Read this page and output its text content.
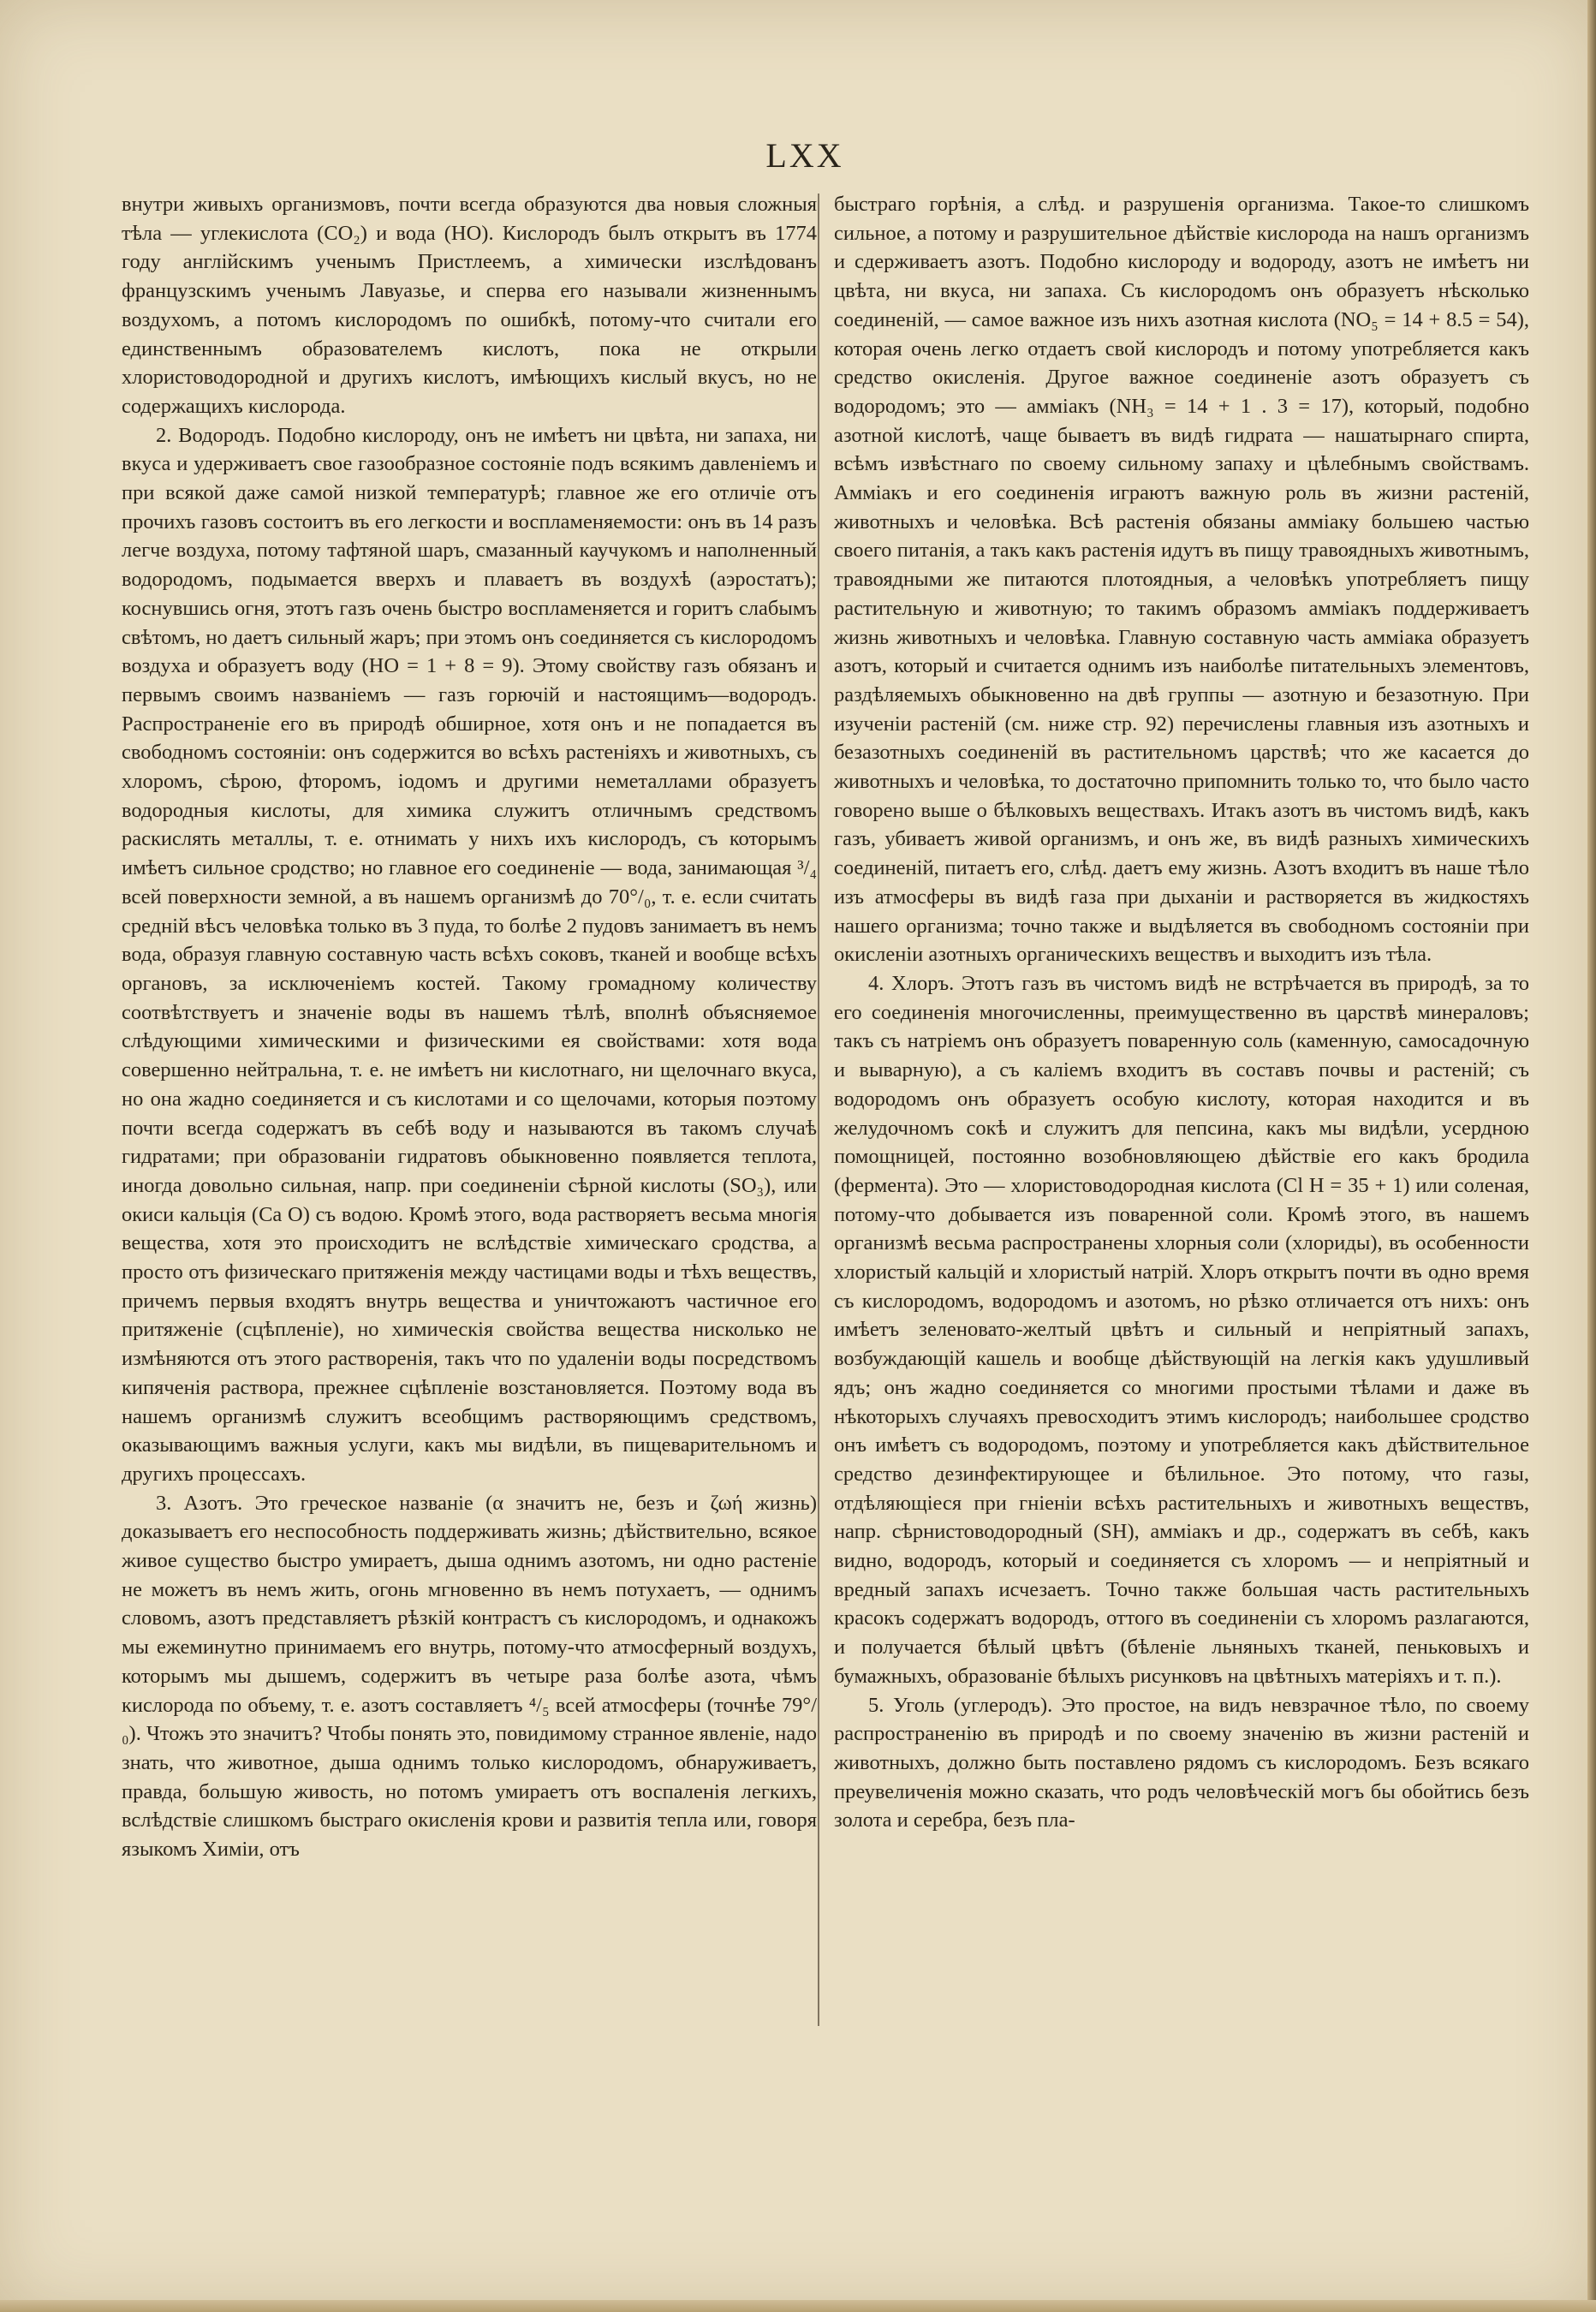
LXX

внутри живыхъ организмовъ, почти всегда образуются два новыя сложныя тѣла — углекислота (CO₂) и вода (HO). Кислородъ былъ открытъ въ 1774 году англійскимъ ученымъ Пристлеемъ, а химически изслѣдованъ французскимъ ученымъ Лавуазье, и сперва его называли жизненнымъ воздухомъ, а потомъ кислородомъ по ошибкѣ, потому-что считали его единственнымъ образователемъ кислотъ, пока не открыли хлористоводородной и другихъ кислотъ, имѣющихъ кислый вкусъ, но не содержащихъ кислорода.

2. Водородъ. Подобно кислороду, онъ не имѣетъ ни цвѣта, ни запаха, ни вкуса и удерживаетъ свое газообразное состояніе подъ всякимъ давленіемъ и при всякой даже самой низкой температурѣ; главное же его отличіе отъ прочихъ газовъ состоитъ въ его легкости и воспламеняемости: онъ въ 14 разъ легче воздуха, потому тафтяной шаръ, смазанный каучукомъ и наполненный водородомъ, подымается вверхъ и плаваетъ въ воздухѣ (аэростатъ); коснувшись огня, этотъ газъ очень быстро воспламеняется и горитъ слабымъ свѣтомъ, но даетъ сильный жаръ; при этомъ онъ соединяется съ кислородомъ воздуха и образуетъ воду (HO = 1 + 8 = 9). Этому свойству газъ обязанъ и первымъ своимъ названіемъ — газъ горючій и настоящимъ—водородъ. Распространеніе его въ природѣ обширное, хотя онъ и не попадается въ свободномъ состояніи: онъ содержится во всѣхъ растеніяхъ и животныхъ, съ хлоромъ, сѣрою, фторомъ, іодомъ и другими неметаллами образуетъ водородныя кислоты, для химика служитъ отличнымъ средствомъ раскислять металлы, т. е. отнимать у нихъ ихъ кислородъ, съ которымъ имѣетъ сильное сродство; но главное его соединеніе — вода, занимающая ³/₄ всей поверхности земной, а въ нашемъ организмѣ до 70°/₀, т. е. если считать средній вѣсъ человѣка только въ 3 пуда, то болѣе 2 пудовъ занимаетъ въ немъ вода, образуя главную составную часть всѣхъ соковъ, тканей и вообще всѣхъ органовъ, за исключеніемъ костей. Такому громадному количеству соотвѣтствуетъ и значеніе воды въ нашемъ тѣлѣ, вполнѣ объясняемое слѣдующими химическими и физическими ея свойствами: хотя вода совершенно нейтральна, т. е. не имѣетъ ни кислотнаго, ни щелочнаго вкуса, но она жадно соединяется и съ кислотами и со щелочами, которыя поэтому почти всегда содержатъ въ себѣ воду и называются въ такомъ случаѣ гидратами; при образованіи гидратовъ обыкновенно появляется теплота, иногда довольно сильная, напр. при соединеніи сѣрной кислоты (SO₃), или окиси кальція (Ca O) съ водою. Кромѣ этого, вода растворяетъ весьма многія вещества, хотя это происходитъ не вслѣдствіе химическаго сродства, а просто отъ физическаго притяженія между частицами воды и тѣхъ веществъ, причемъ первыя входятъ внутрь вещества и уничтожаютъ частичное его притяженіе (сцѣпленіе), но химическія свойства вещества нисколько не измѣняются отъ этого растворенія, такъ что по удаленіи воды посредствомъ кипяченія раствора, прежнее сцѣпленіе возстановляется. Поэтому вода въ нашемъ организмѣ служитъ всеобщимъ растворяющимъ средствомъ, оказывающимъ важныя услуги, какъ мы видѣли, въ пищеварительномъ и другихъ процессахъ.

3. Азотъ. Это греческое названіе (α значитъ не, безъ и ζωή жизнь) доказываетъ его неспособность поддерживать жизнь; дѣйствительно, всякое живое существо быстро умираетъ, дыша однимъ азотомъ, ни одно растеніе не можетъ въ немъ жить, огонь мгновенно въ немъ потухаетъ, — однимъ словомъ, азотъ представляетъ рѣзкій контрастъ съ кислородомъ, и однакожъ мы ежеминутно принимаемъ его внутрь, потому-что атмосферный воздухъ, которымъ мы дышемъ, содержитъ въ четыре раза болѣе азота, чѣмъ кислорода по объему, т. е. азотъ составляетъ ⁴/₅ всей атмосферы (точнѣе 79°/₀). Чтожъ это значитъ? Чтобы понять это, повидимому странное явленіе, надо знать, что животное, дыша однимъ только кислородомъ, обнаруживаетъ, правда, большую живость, но потомъ умираетъ отъ воспаленія легкихъ, вслѣдствіе слишкомъ быстраго окисленія крови и развитія тепла или, говоря языкомъ Химіи, отъ

быстраго горѣнія, а слѣд. и разрушенія организма. Такое-то слишкомъ сильное, а потому и разрушительное дѣйствіе кислорода на нашъ организмъ и сдерживаетъ азотъ. Подобно кислороду и водороду, азотъ не имѣетъ ни цвѣта, ни вкуса, ни запаха. Съ кислородомъ онъ образуетъ нѣсколько соединеній, — самое важное изъ нихъ азотная кислота (NO₅ = 14 + 8.5 = 54), которая очень легко отдаетъ свой кислородъ и потому употребляется какъ средство окисленія. Другое важное соединеніе азотъ образуетъ съ водородомъ; это — аммiакъ (NH₃ = 14 + 1 . 3 = 17), который, подобно азотной кислотѣ, чаще бываетъ въ видѣ гидрата — нашатырнаго спирта, всѣмъ извѣстнаго по своему сильному запаху и цѣлебнымъ свойствамъ. Аммiакъ и его соединенія играютъ важную роль въ жизни растеній, животныхъ и человѣка. Всѣ растенія обязаны аммiаку большею частью своего питанія, а такъ какъ растенія идутъ въ пищу травоядныхъ животнымъ, травоядными же питаются плотоядныя, а человѣкъ употребляетъ пищу растительную и животную; то такимъ образомъ аммiакъ поддерживаетъ жизнь животныхъ и человѣка. Главную составную часть аммiака образуетъ азотъ, который и считается однимъ изъ наиболѣе питательныхъ элементовъ, раздѣляемыхъ обыкновенно на двѣ группы — азотную и безазотную. При изученіи растеній (см. ниже стр. 92) перечислены главныя изъ азотныхъ и безазотныхъ соединеній въ растительномъ царствѣ; что же касается до животныхъ и человѣка, то достаточно припомнить только то, что было часто говорено выше о бѣлковыхъ веществахъ. Итакъ азотъ въ чистомъ видѣ, какъ газъ, убиваетъ живой организмъ, и онъ же, въ видѣ разныхъ химическихъ соединеній, питаетъ его, слѣд. даетъ ему жизнь. Азотъ входитъ въ наше тѣло изъ атмосферы въ видѣ газа при дыханіи и растворяется въ жидкостяхъ нашего организма; точно также и выдѣляется въ свободномъ состояніи при окисленіи азотныхъ органическихъ веществъ и выходитъ изъ тѣла.

4. Хлоръ. Этотъ газъ въ чистомъ видѣ не встрѣчается въ природѣ, за то его соединенія многочисленны, преимущественно въ царствѣ минераловъ; такъ съ натріемъ онъ образуетъ поваренную соль (каменную, самосадочную и выварную), а съ каліемъ входитъ въ составъ почвы и растеній; съ водородомъ онъ образуетъ особую кислоту, которая находится и въ желудочномъ сокѣ и служитъ для пепсина, какъ мы видѣли, усердною помощницей, постоянно возобновляющею дѣйствіе его какъ бродила (фермента). Это — хлористоводородная кислота (Cl H = 35 + 1) или соленая, потому-что добывается изъ поваренной соли. Кромѣ этого, въ нашемъ организмѣ весьма распространены хлорныя соли (хлориды), въ особенности хлористый кальцій и хлористый натрій. Хлоръ открытъ почти въ одно время съ кислородомъ, водородомъ и азотомъ, но рѣзко отличается отъ нихъ: онъ имѣетъ зеленовато-желтый цвѣтъ и сильный и непріятный запахъ, возбуждающій кашель и вообще дѣйствующій на легкія какъ удушливый ядъ; онъ жадно соединяется со многими простыми тѣлами и даже въ нѣкоторыхъ случаяхъ превосходитъ этимъ кислородъ; наибольшее сродство онъ имѣетъ съ водородомъ, поэтому и употребляется какъ дѣйствительное средство дезинфектирующее и бѣлильное. Это потому, что газы, отдѣляющіеся при гніеніи всѣхъ растительныхъ и животныхъ веществъ, напр. сѣрнистоводородный (SH), аммiакъ и др., содержатъ въ себѣ, какъ видно, водородъ, который и соединяется съ хлоромъ — и непріятный и вредный запахъ исчезаетъ. Точно также большая часть растительныхъ красокъ содержатъ водородъ, оттого въ соединеніи съ хлоромъ разлагаются, и получается бѣлый цвѣтъ (бѣленіе льняныхъ тканей, пеньковыхъ и бумажныхъ, образованіе бѣлыхъ рисунковъ на цвѣтныхъ матеріяхъ и т. п.).

5. Уголь (углеродъ). Это простое, на видъ невзрачное тѣло, по своему распространенію въ природѣ и по своему значенію въ жизни растеній и животныхъ, должно быть поставлено рядомъ съ кислородомъ. Безъ всякаго преувеличенія можно сказать, что родъ человѣческій могъ бы обойтись безъ золота и серебра, безъ пла-
